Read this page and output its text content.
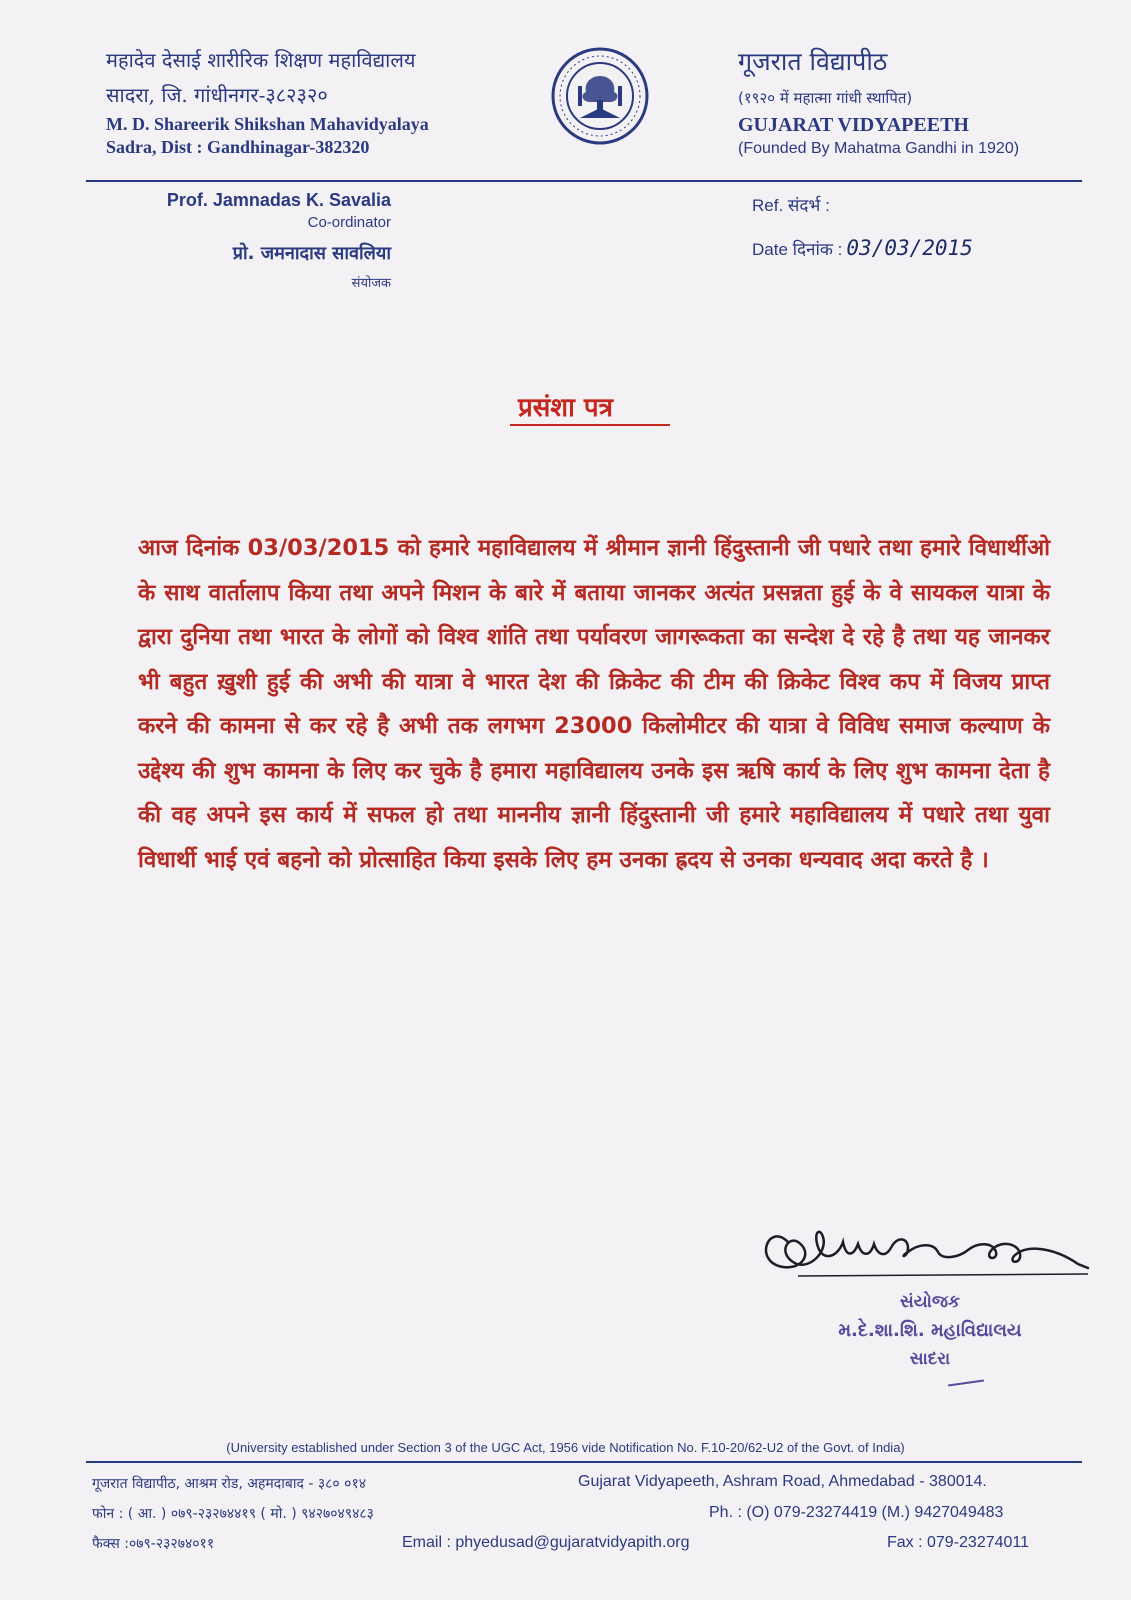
महादेव देसाई शारीरिक शिक्षण महाविद्यालय
सादरा, जि. गांधीनगर-३८२३२०
M. D. Shareerik Shikshan Mahavidyalaya
Sadra, Dist : Gandhinagar-382320
गूजरात विद्यापीठ
(१९२० में महात्मा गांधी स्थापित)
GUJARAT VIDYAPEETH
(Founded By Mahatma Gandhi in 1920)
Prof. Jamnadas K. Savalia
Co-ordinator
प्रो. जमनादास सावलिया
संयोजक
Ref. संदर्भ :
Date दिनांक : 03/03/2015
प्रसंशा पत्र
आज दिनांक 03/03/2015 को हमारे महाविद्यालय में श्रीमान ज्ञानी हिंदुस्तानी जी पधारे तथा हमारे विधार्थीओ के साथ वार्तालाप किया तथा अपने मिशन के बारे में बताया जानकर अत्यंत प्रसन्नता हुई के वे सायकल यात्रा के द्वारा दुनिया तथा भारत के लोगों को विश्व शांति तथा पर्यावरण जागरूकता का सन्देश दे रहे है तथा यह जानकर भी बहुत ख़ुशी हुई की अभी की यात्रा वे भारत देश की क्रिकेट की टीम की क्रिकेट विश्व कप में विजय प्राप्त करने की कामना से कर रहे है अभी तक लगभग 23000 किलोमीटर की यात्रा वे विविध समाज कल्याण के उद्देश्य की शुभ कामना के लिए कर चुके है हमारा महाविद्यालय उनके इस ऋषि कार्य के लिए शुभ कामना देता है की वह अपने इस कार्य में सफल हो तथा माननीय ज्ञानी हिंदुस्तानी जी हमारे महाविद्यालय में पधारे तथा युवा विधार्थी भाई एवं बहनो को प्रोत्साहित किया इसके लिए हम उनका ह्रदय से उनका धन्यवाद अदा करते है ।
સંયોજક
મ.દે.શા.શિ. મહાવિદ્યાલય
સાદરા
(University established under Section 3 of the UGC Act, 1956 vide Notification No. F.10-20/62-U2 of the Govt. of India)
गूजरात विद्यापीठ, आश्रम रोड, अहमदाबाद - ३८० ०१४	Gujarat Vidyapeeth, Ashram Road, Ahmedabad - 380014.
फोन : ( आ. ) ०७९-२३२७४४१९ ( मो. ) ९४२७०४९४८३	Ph. : (O) 079-23274419 (M.) 9427049483
फैक्स :०७९-२३२७४०११	Email : phyedusad@gujaratvidyapith.org	Fax : 079-23274011
